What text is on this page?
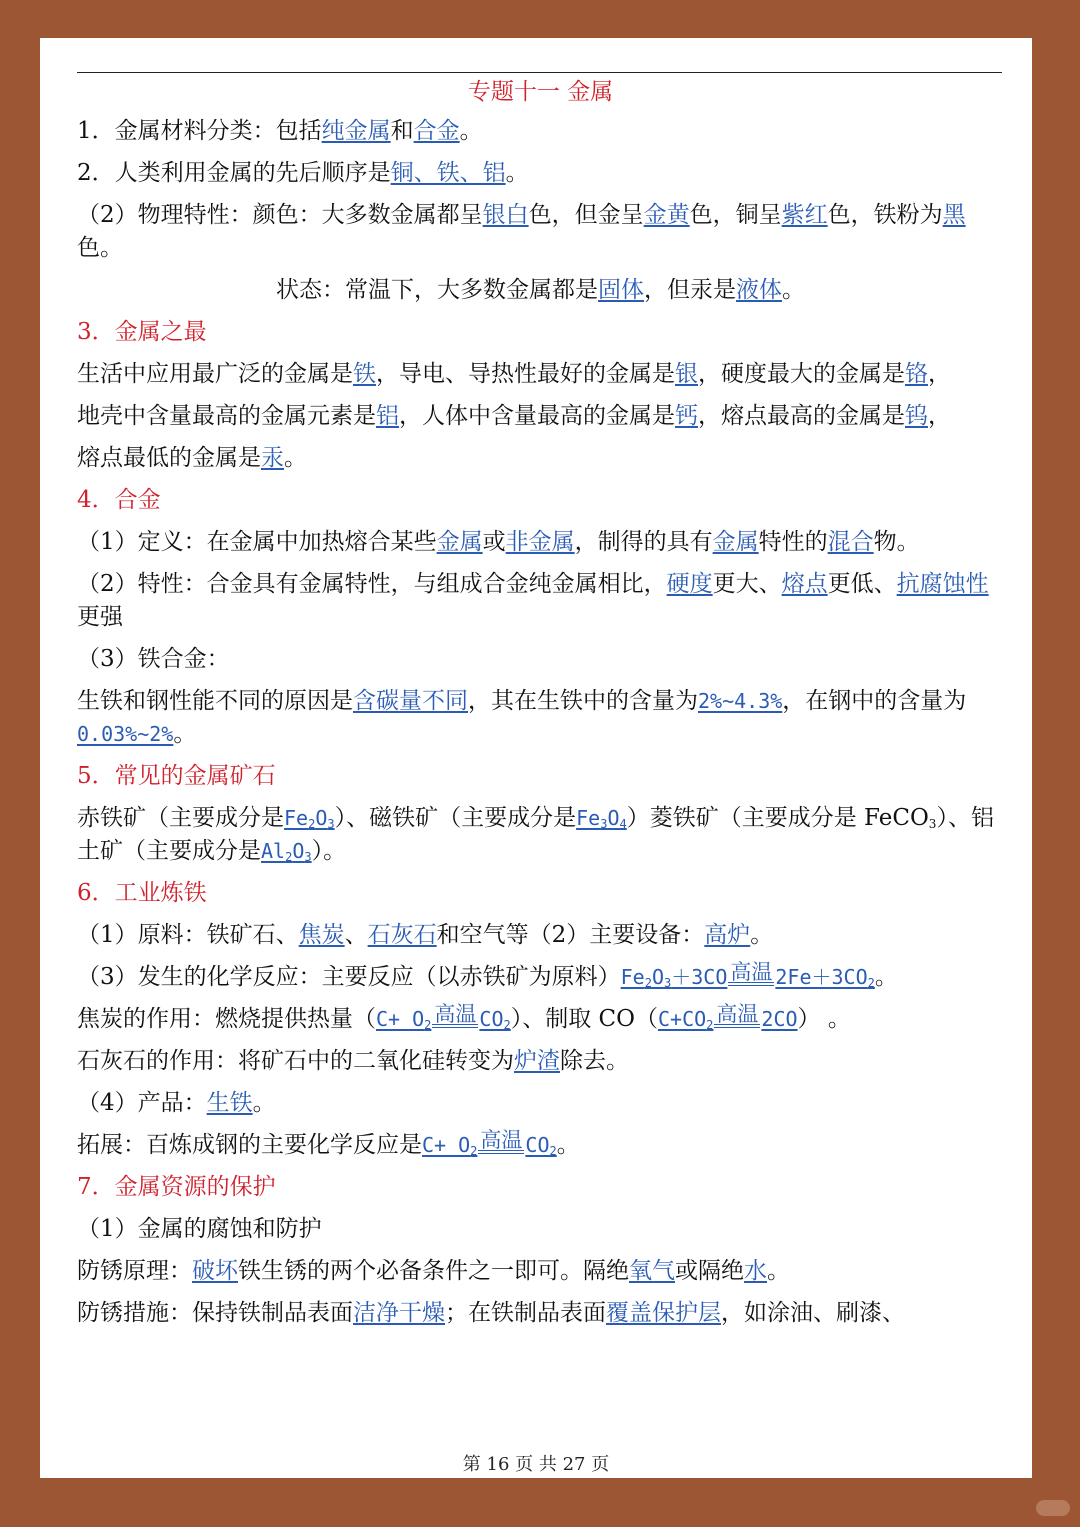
专题十一 金属
1．金属材料分类：包括纯金属和合金。
2．人类利用金属的先后顺序是铜、铁、铝。
（2）物理特性：颜色：大多数金属都呈银白色，但金呈金黄色，铜呈紫红色，铁粉为黑色。
状态：常温下，大多数金属都是固体，但汞是液体。
3．金属之最
生活中应用最广泛的金属是铁，导电、导热性最好的金属是银，硬度最大的金属是铬，
地壳中含量最高的金属元素是铝，人体中含量最高的金属是钙，熔点最高的金属是钨，
熔点最低的金属是汞。
4．合金
（1）定义：在金属中加热熔合某些金属或非金属，制得的具有金属特性的混合物。
（2）特性：合金具有金属特性，与组成合金纯金属相比，硬度更大、熔点更低、抗腐蚀性更强
（3）铁合金：
生铁和钢性能不同的原因是含碳量不同，其在生铁中的含量为2%~4.3%，在钢中的含量为0.03%~2%。
5．常见的金属矿石
赤铁矿（主要成分是$Fe_2O_3$）、磁铁矿（主要成分是$Fe_3O_4$）菱铁矿（主要成分是 FeCO$_3$）、铝土矿（主要成分是$Al_2O_3$）。
6．工业炼铁
（1）原料：铁矿石、焦炭、石灰石和空气等（2）主要设备：高炉。
（3）发生的化学反应：主要反应（以赤铁矿为原料）$Fe_2O_3+3CO$ 高温 $2Fe+3CO_2$。
焦炭的作用：燃烧提供热量（$C+ O_2$ 高温 $CO_2$）、制取 $CO(C+CO_2$ 高温 2CO） 。
石灰石的作用：将矿石中的二氧化硅转变为炉渣除去。
（4）产品：生铁。
拓展：百炼成钢的主要化学反应是$C+ O_2$ 高温 $CO_2$。
7．金属资源的保护
（1）金属的腐蚀和防护
防锈原理：破坏铁生锈的两个必备条件之一即可。隔绝氧气或隔绝水。
防锈措施：保持铁制品表面洁净干燥；在铁制品表面覆盖保护层，如涂油、刷漆、
第 16 页 共 27 页
